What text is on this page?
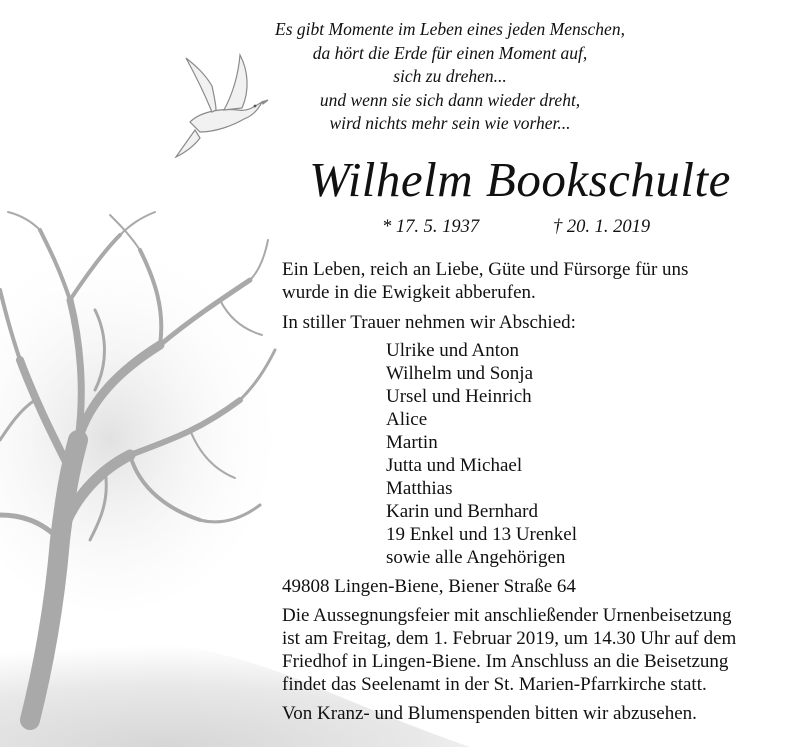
Es gibt Momente im Leben eines jeden Menschen,
da hört die Erde für einen Moment auf,
sich zu drehen...
und wenn sie sich dann wieder dreht,
wird nichts mehr sein wie vorher...
Wilhelm Bookschulte
* 17. 5. 1937	† 20. 1. 2019
Ein Leben, reich an Liebe, Güte und Fürsorge für uns
wurde in die Ewigkeit abberufen.
In stiller Trauer nehmen wir Abschied:
Ulrike und Anton
Wilhelm und Sonja
Ursel und Heinrich
Alice
Martin
Jutta und Michael
Matthias
Karin und Bernhard
19 Enkel und 13 Urenkel
sowie alle Angehörigen
49808 Lingen-Biene, Biener Straße 64
Die Aussegnungsfeier mit anschließender Urnenbeisetzung
ist am Freitag, dem 1. Februar 2019, um 14.30 Uhr auf dem
Friedhof in Lingen-Biene. Im Anschluss an die Beisetzung
findet das Seelenamt in der St. Marien-Pfarrkirche statt.
Von Kranz- und Blumenspenden bitten wir abzusehen.
